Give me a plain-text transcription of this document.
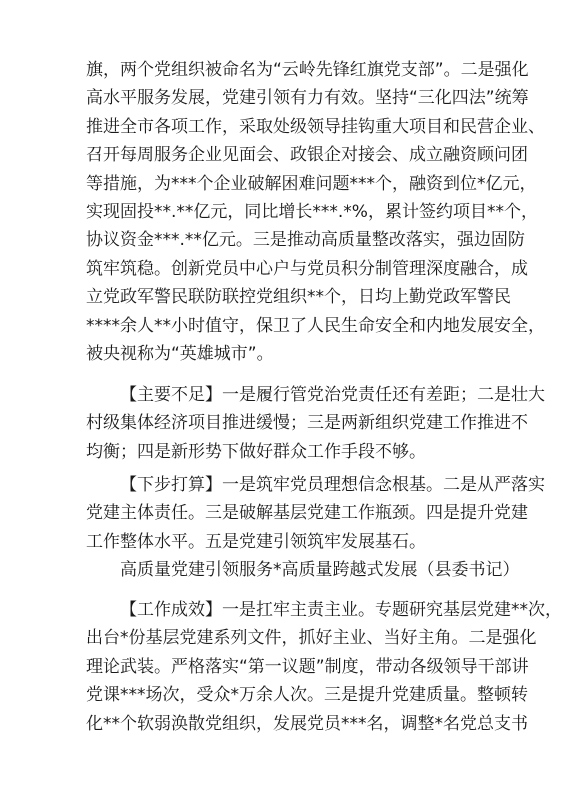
旗，两个党组织被命名为“云岭先锋红旗党支部”。二是强化
高水平服务发展，党建引领有力有效。坚持“三化四法”统筹
推进全市各项工作，采取处级领导挂钩重大项目和民营企业、
召开每周服务企业见面会、政银企对接会、成立融资顾问团
等措施，为***个企业破解困难问题***个，融资到位*亿元，
实现固投**.**亿元，同比增长***.*%，累计签约项目**个，
协议资金***.**亿元。三是推动高质量整改落实，强边固防
筑牢筑稳。创新党员中心户与党员积分制管理深度融合，成
立党政军警民联防联控党组织**个，日均上勤党政军警民
****余人**小时值守，保卫了人民生命安全和内地发展安全，
被央视称为“英雄城市”。
【主要不足】一是履行管党治党责任还有差距；二是壮大
村级集体经济项目推进缓慢；三是两新组织党建工作推进不
均衡；四是新形势下做好群众工作手段不够。
【下步打算】一是筑牢党员理想信念根基。二是从严落实
党建主体责任。三是破解基层党建工作瓶颈。四是提升党建
工作整体水平。五是党建引领筑牢发展基石。
高质量党建引领服务*高质量跨越式发展（县委书记）
【工作成效】一是扛牢主责主业。专题研究基层党建**次，
出台*份基层党建系列文件，抓好主业、当好主角。二是强化
理论武装。严格落实“第一议题”制度，带动各级领导干部讲
党课***场次，受众*万余人次。三是提升党建质量。整顿转
化**个软弱涣散党组织，发展党员***名，调整*名党总支书
